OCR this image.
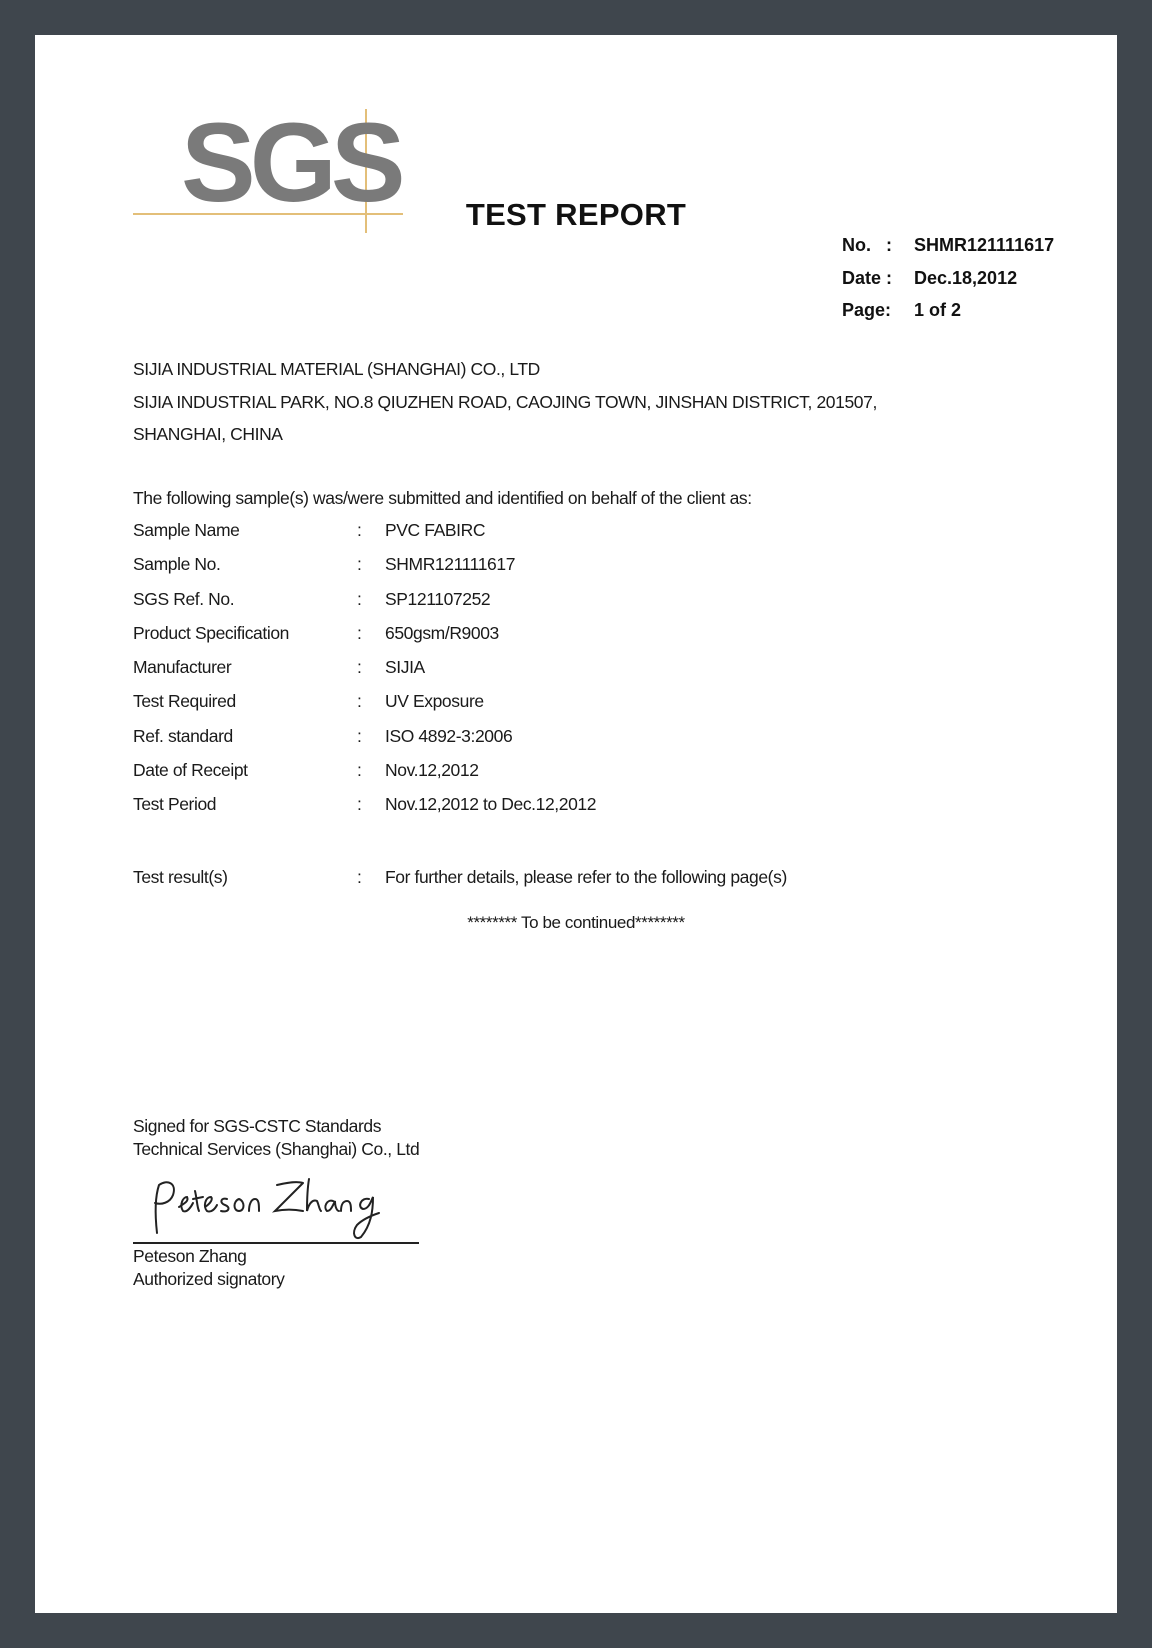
SGS	TEST REPORT
No.   : SHMR121111617
Date : Dec.18,2012
Page: 1 of 2
SIJIA INDUSTRIAL MATERIAL (SHANGHAI) CO., LTD
SIJIA INDUSTRIAL PARK, NO.8 QIUZHEN ROAD, CAOJING TOWN, JINSHAN DISTRICT, 201507,
SHANGHAI, CHINA
The following sample(s) was/were submitted and identified on behalf of the client as:
Sample Name	: PVC FABIRC
Sample No.	: SHMR121111617
SGS Ref. No.	: SP121107252
Product Specification	: 650gsm/R9003
Manufacturer	: SIJIA
Test Required	: UV Exposure
Ref. standard	: ISO 4892-3:2006
Date of Receipt	: Nov.12,2012
Test Period	: Nov.12,2012 to Dec.12,2012
Test result(s)	: For further details, please refer to the following page(s)
******** To be continued********
Signed for SGS-CSTC Standards
Technical Services (Shanghai) Co., Ltd
Peteson Zhang
Authorized signatory
